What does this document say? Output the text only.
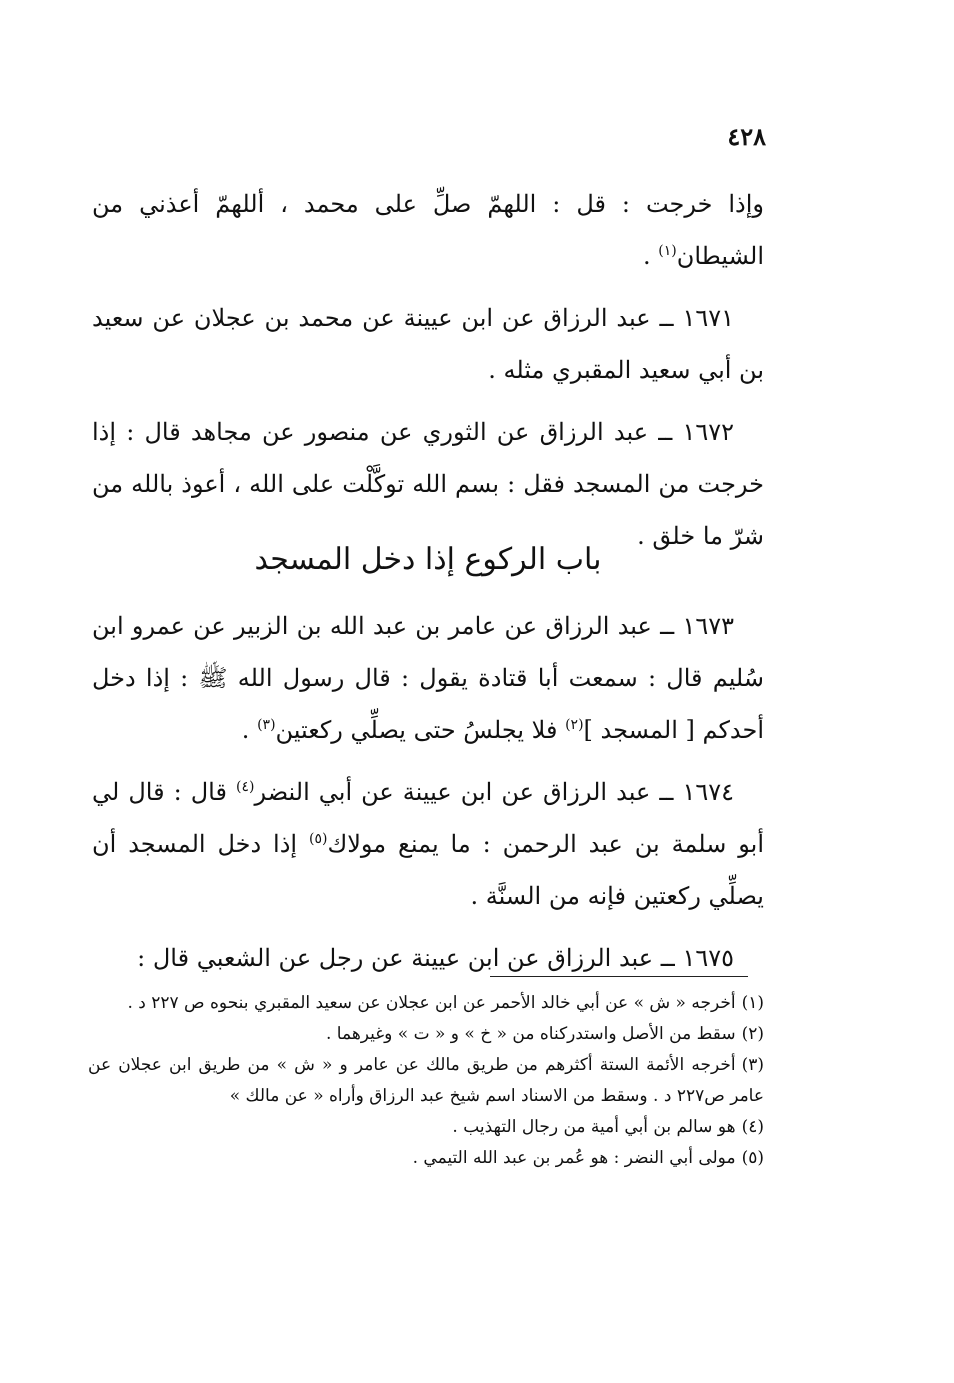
٤٢٨

وإذا خرجت : قل : اللهمّ صلِّ على محمد ، أللهمّ أعذني من الشيطان$^{(١)}$ .

١٦٧١ ــ عبد الرزاق عن ابن عيينة عن محمد بن عجلان عن سعيد بن أبي سعيد المقبري مثله .

١٦٧٢ ــ عبد الرزاق عن الثوري عن منصور عن مجاهد قال : إذا خرجت من المسجد فقل : بسم الله توكَّلْت على الله ، أعوذ بالله من شرّ ما خلق .

باب الركوع إذا دخل المسجد

١٦٧٣ ــ عبد الرزاق عن عامر بن عبد الله بن الزبير عن عمرو ابن سُليم قال : سمعت أبا قتادة يقول : قال رسول الله ﷺ : إذا دخل أحدكم [ المسجد ]$^{(٢)}$ فلا يجلسُ حتى يصلِّي ركعتين$^{(٣)}$ .

١٦٧٤ ــ عبد الرزاق عن ابن عيينة عن أبي النضر$^{(٤)}$ قال : قال لي أبو سلمة بن عبد الرحمن : ما يمنع مولاك$^{(٥)}$ إذا دخل المسجد أن يصلِّي ركعتين فإنه من السنَّة .

١٦٧٥ ــ عبد الرزاق عن ابن عيينة عن رجل عن الشعبي قال :

(١)أخرجه « ش » عن أبي خالد الأحمر عن ابن عجلان عن سعيد المقبري بنحوه ص ٢٢٧ د .

(٢)سقط من الأصل واستدركناه من « خ » و « ت » وغيرهما .

(٣)أخرجه الأئمة الستة أكثرهم من طريق مالك عن عامر و « ش » من طريق ابن عجلان عن عامر ص٢٢٧ د . وسقط من الاسناد اسم شيخ عبد الرزاق وأراه « عن مالك »

(٤)هو سالم بن أبي أمية من رجال التهذيب .

(٥)مولى أبي النضر : هو عُمر بن عبد الله التيمي .
